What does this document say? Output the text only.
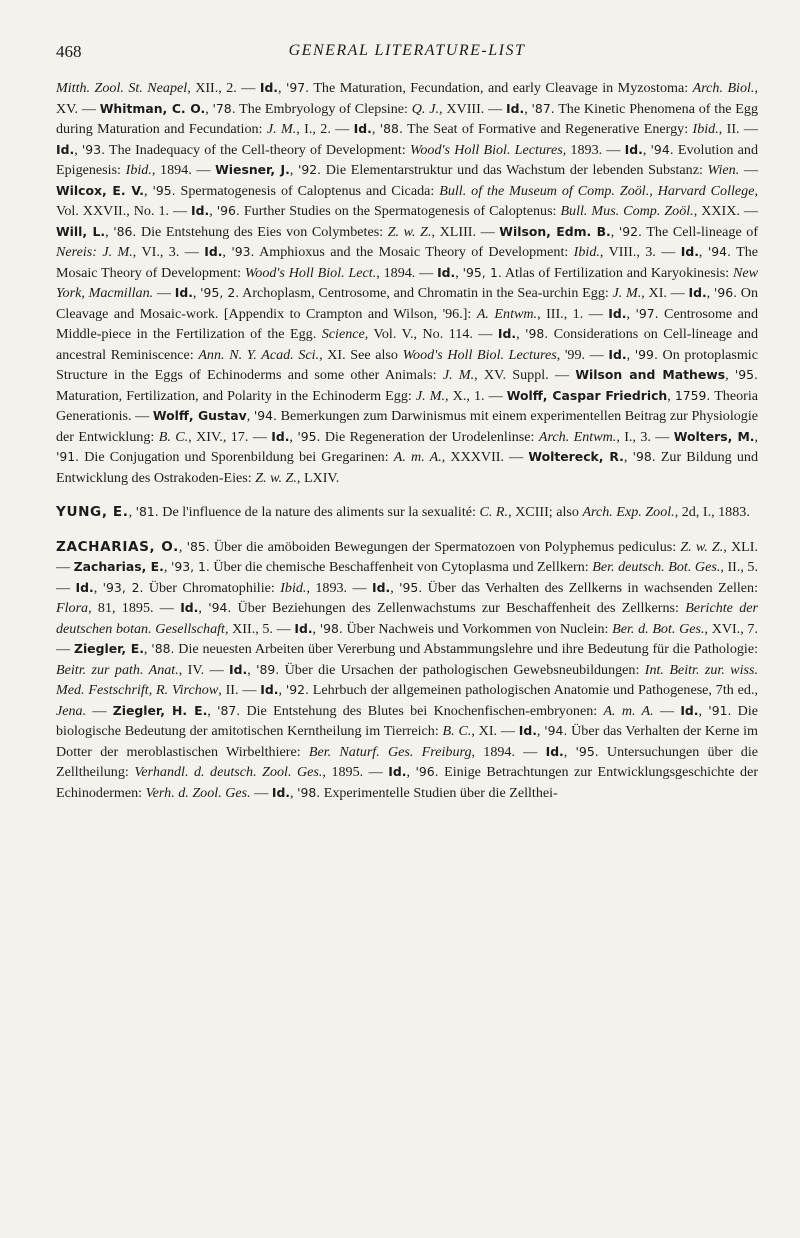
468	GENERAL LITERATURE-LIST

Mitth. Zool. St. Neapel, XII., 2. — Id., '97. The Maturation, Fecundation, and early Cleavage in Myzostoma: Arch. Biol., XV. — Whitman, C. O., '78. The Embryology of Clepsine: Q. J., XVIII. — Id., '87. The Kinetic Phenomena of the Egg during Maturation and Fecundation: J. M., I., 2. — Id., '88. The Seat of Formative and Regenerative Energy: Ibid., II. — Id., '93. The Inadequacy of the Cell-theory of Development: Wood's Holl Biol. Lectures, 1893. — Id., '94. Evolution and Epigenesis: Ibid., 1894. — Wiesner, J., '92. Die Elementarstruktur und das Wachstum der lebenden Substanz: Wien. — Wilcox, E. V., '95. Spermatogenesis of Caloptenus and Cicada: Bull. of the Museum of Comp. Zoöl., Harvard College, Vol. XXVII., No. 1. — Id., '96. Further Studies on the Spermatogenesis of Caloptenus: Bull. Mus. Comp. Zoöl., XXIX. — Will, L., '86. Die Entstehung des Eies von Colymbetes: Z. w. Z., XLIII. — Wilson, Edm. B., '92. The Cell-lineage of Nereis: J. M., VI., 3. — Id., '93. Amphioxus and the Mosaic Theory of Development: Ibid., VIII., 3. — Id., '94. The Mosaic Theory of Development: Wood's Holl Biol. Lect., 1894. — Id., '95, 1. Atlas of Fertilization and Karyokinesis: New York, Macmillan. — Id., '95, 2. Archoplasm, Centrosome, and Chromatin in the Sea-urchin Egg: J. M., XI. — Id., '96. On Cleavage and Mosaic-work. [Appendix to Crampton and Wilson, '96.]: A. Entwm., III., 1. — Id., '97. Centrosome and Middle-piece in the Fertilization of the Egg. Science, Vol. V., No. 114. — Id., '98. Considerations on Cell-lineage and ancestral Reminiscence: Ann. N. Y. Acad. Sci., XI. See also Wood's Holl Biol. Lectures, '99. — Id., '99. On protoplasmic Structure in the Eggs of Echinoderms and some other Animals: J. M., XV. Suppl. — Wilson and Mathews, '95. Maturation, Fertilization, and Polarity in the Echinoderm Egg: J. M., X., 1. — Wolff, Caspar Friedrich, 1759. Theoria Generationis. — Wolff, Gustav, '94. Bemerkungen zum Darwinismus mit einem experimentellen Beitrag zur Physiologie der Entwicklung: B. C., XIV., 17. — Id., '95. Die Regeneration der Urodelenlinse: Arch. Entwm., I., 3. — Wolters, M., '91. Die Conjugation und Sporenbildung bei Gregarinen: A. m. A., XXXVII. — Woltereck, R., '98. Zur Bildung und Entwicklung des Ostrakoden-Eies: Z. w. Z., LXIV.

YUNG, E., '81. De l'influence de la nature des aliments sur la sexualité: C. R., XCIII; also Arch. Exp. Zool., 2d, I., 1883.

ZACHARIAS, O., '85. Über die amöboiden Bewegungen der Spermatozoen von Polyphemus pediculus: Z. w. Z., XLI. — Zacharias, E., '93, 1. Über die chemische Beschaffenheit von Cytoplasma und Zellkern: Ber. deutsch. Bot. Ges., II., 5. — Id., '93, 2. Über Chromatophilie: Ibid., 1893. — Id., '95. Über das Verhalten des Zellkerns in wachsenden Zellen: Flora, 81, 1895. — Id., '94. Über Beziehungen des Zellenwachstums zur Beschaffenheit des Zellkerns: Berichte der deutschen botan. Gesellschaft, XII., 5. — Id., '98. Über Nachweis und Vorkommen von Nuclein: Ber. d. Bot. Ges., XVI., 7. — Ziegler, E., '88. Die neuesten Arbeiten über Vererbung und Abstammungslehre und ihre Bedeutung für die Pathologie: Beitr. zur path. Anat., IV. — Id., '89. Über die Ursachen der pathologischen Gewebsneubildungen: Int. Beitr. zur. wiss. Med. Festschrift, R. Virchow, II. — Id., '92. Lehrbuch der allgemeinen pathologischen Anatomie und Pathogenese, 7th ed., Jena. — Ziegler, H. E., '87. Die Entstehung des Blutes bei Knochenfischen-embryonen: A. m. A. — Id., '91. Die biologische Bedeutung der amitotischen Kerntheilung im Tierreich: B. C., XI. — Id., '94. Über das Verhalten der Kerne im Dotter der meroblastischen Wirbelthiere: Ber. Naturf. Ges. Freiburg, 1894. — Id., '95. Untersuchungen über die Zelltheilung: Verhandl. d. deutsch. Zool. Ges., 1895. — Id., '96. Einige Betrachtungen zur Entwicklungsgeschichte der Echinodermen: Verh. d. Zool. Ges. — Id., '98. Experimentelle Studien über die Zellthei-
